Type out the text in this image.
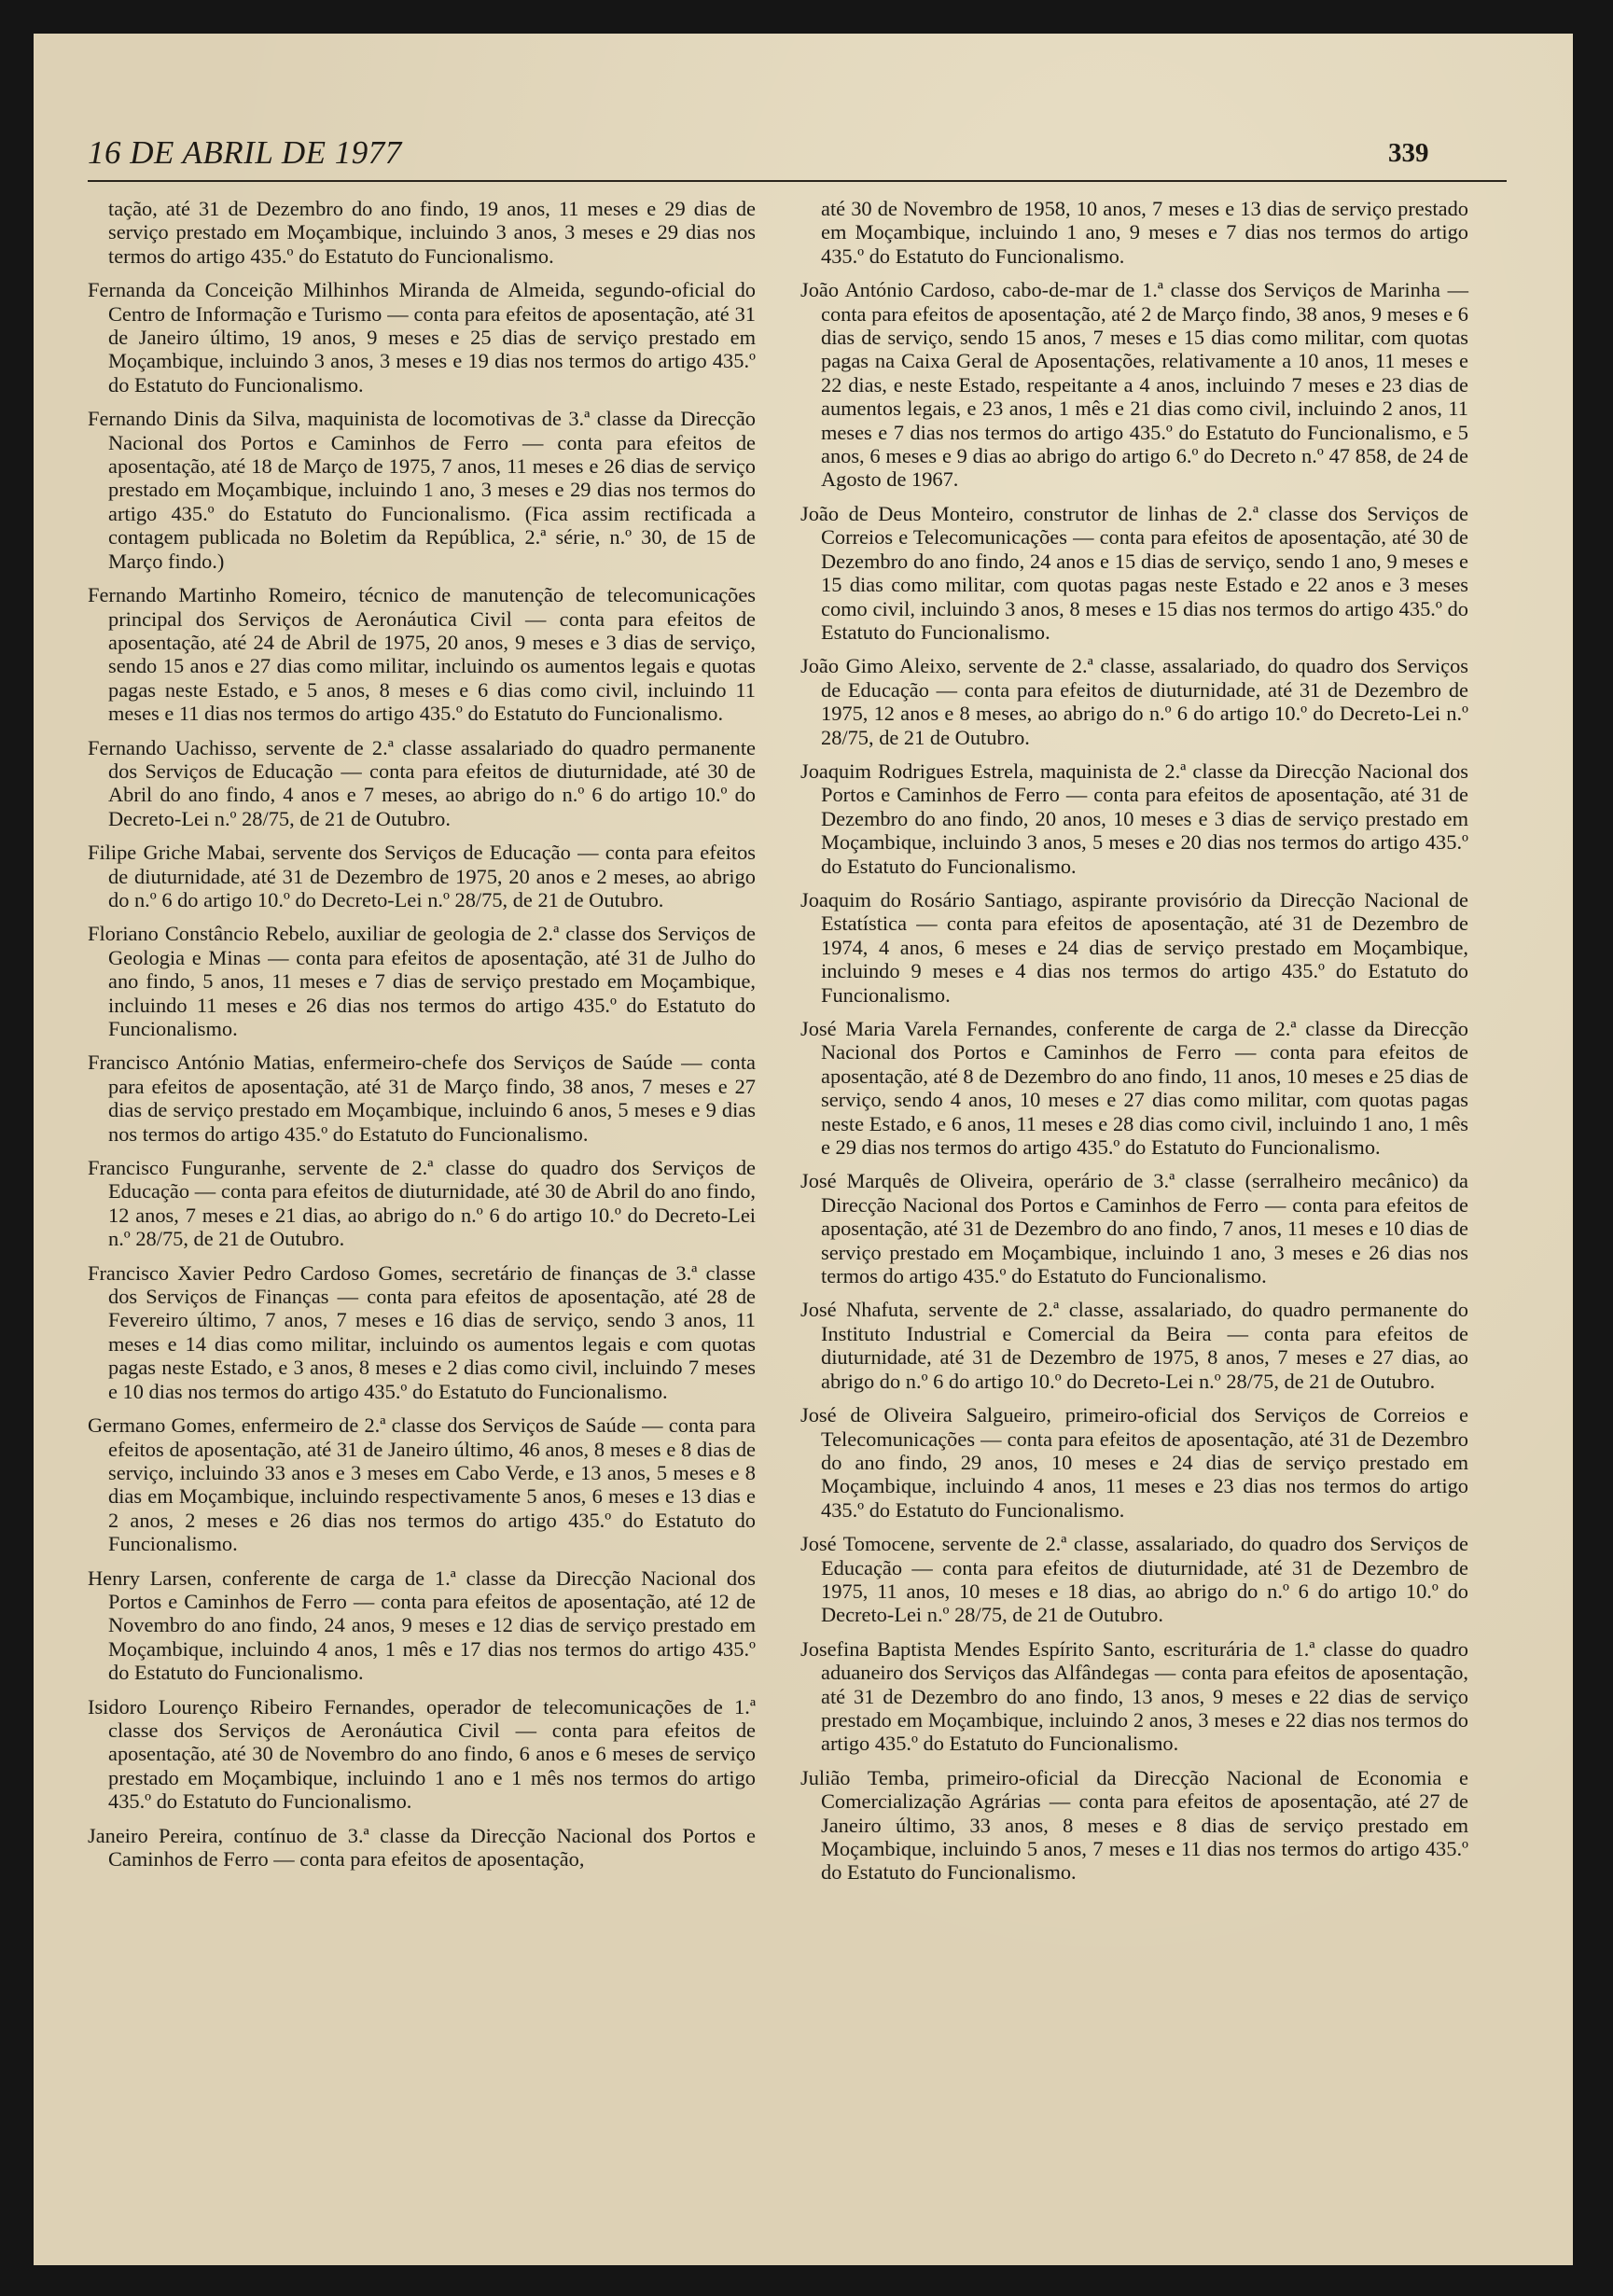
16 DE ABRIL DE 1977	339

tação, até 31 de Dezembro do ano findo, 19 anos, 11 meses e 29 dias de serviço prestado em Moçambique, incluindo 3 anos, 3 meses e 29 dias nos termos do artigo 435.º do Estatuto do Funcionalismo.

Fernanda da Conceição Milhinhos Miranda de Almeida, segundo-oficial do Centro de Informação e Turismo — conta para efeitos de aposentação, até 31 de Janeiro último, 19 anos, 9 meses e 25 dias de serviço prestado em Moçambique, incluindo 3 anos, 3 meses e 19 dias nos termos do artigo 435.º do Estatuto do Funcionalismo.

Fernando Dinis da Silva, maquinista de locomotivas de 3.ª classe da Direcção Nacional dos Portos e Caminhos de Ferro — conta para efeitos de aposentação, até 18 de Março de 1975, 7 anos, 11 meses e 26 dias de serviço prestado em Moçambique, incluindo 1 ano, 3 meses e 29 dias nos termos do artigo 435.º do Estatuto do Funcionalismo. (Fica assim rectificada a contagem publicada no Boletim da República, 2.ª série, n.º 30, de 15 de Março findo.)

Fernando Martinho Romeiro, técnico de manutenção de telecomunicações principal dos Serviços de Aeronáutica Civil — conta para efeitos de aposentação, até 24 de Abril de 1975, 20 anos, 9 meses e 3 dias de serviço, sendo 15 anos e 27 dias como militar, incluindo os aumentos legais e quotas pagas neste Estado, e 5 anos, 8 meses e 6 dias como civil, incluindo 11 meses e 11 dias nos termos do artigo 435.º do Estatuto do Funcionalismo.

Fernando Uachisso, servente de 2.ª classe assalariado do quadro permanente dos Serviços de Educação — conta para efeitos de diuturnidade, até 30 de Abril do ano findo, 4 anos e 7 meses, ao abrigo do n.º 6 do artigo 10.º do Decreto-Lei n.º 28/75, de 21 de Outubro.

Filipe Griche Mabai, servente dos Serviços de Educação — conta para efeitos de diuturnidade, até 31 de Dezembro de 1975, 20 anos e 2 meses, ao abrigo do n.º 6 do artigo 10.º do Decreto-Lei n.º 28/75, de 21 de Outubro.

Floriano Constâncio Rebelo, auxiliar de geologia de 2.ª classe dos Serviços de Geologia e Minas — conta para efeitos de aposentação, até 31 de Julho do ano findo, 5 anos, 11 meses e 7 dias de serviço prestado em Moçambique, incluindo 11 meses e 26 dias nos termos do artigo 435.º do Estatuto do Funcionalismo.

Francisco António Matias, enfermeiro-chefe dos Serviços de Saúde — conta para efeitos de aposentação, até 31 de Março findo, 38 anos, 7 meses e 27 dias de serviço prestado em Moçambique, incluindo 6 anos, 5 meses e 9 dias nos termos do artigo 435.º do Estatuto do Funcionalismo.

Francisco Funguranhe, servente de 2.ª classe do quadro dos Serviços de Educação — conta para efeitos de diuturnidade, até 30 de Abril do ano findo, 12 anos, 7 meses e 21 dias, ao abrigo do n.º 6 do artigo 10.º do Decreto-Lei n.º 28/75, de 21 de Outubro.

Francisco Xavier Pedro Cardoso Gomes, secretário de finanças de 3.ª classe dos Serviços de Finanças — conta para efeitos de aposentação, até 28 de Fevereiro último, 7 anos, 7 meses e 16 dias de serviço, sendo 3 anos, 11 meses e 14 dias como militar, incluindo os aumentos legais e com quotas pagas neste Estado, e 3 anos, 8 meses e 2 dias como civil, incluindo 7 meses e 10 dias nos termos do artigo 435.º do Estatuto do Funcionalismo.

Germano Gomes, enfermeiro de 2.ª classe dos Serviços de Saúde — conta para efeitos de aposentação, até 31 de Janeiro último, 46 anos, 8 meses e 8 dias de serviço, incluindo 33 anos e 3 meses em Cabo Verde, e 13 anos, 5 meses e 8 dias em Moçambique, incluindo respectivamente 5 anos, 6 meses e 13 dias e 2 anos, 2 meses e 26 dias nos termos do artigo 435.º do Estatuto do Funcionalismo.

Henry Larsen, conferente de carga de 1.ª classe da Direcção Nacional dos Portos e Caminhos de Ferro — conta para efeitos de aposentação, até 12 de Novembro do ano findo, 24 anos, 9 meses e 12 dias de serviço prestado em Moçambique, incluindo 4 anos, 1 mês e 17 dias nos termos do artigo 435.º do Estatuto do Funcionalismo.

Isidoro Lourenço Ribeiro Fernandes, operador de telecomunicações de 1.ª classe dos Serviços de Aeronáutica Civil — conta para efeitos de aposentação, até 30 de Novembro do ano findo, 6 anos e 6 meses de serviço prestado em Moçambique, incluindo 1 ano e 1 mês nos termos do artigo 435.º do Estatuto do Funcionalismo.

Janeiro Pereira, contínuo de 3.ª classe da Direcção Nacional dos Portos e Caminhos de Ferro — conta para efeitos de aposentação,

até 30 de Novembro de 1958, 10 anos, 7 meses e 13 dias de serviço prestado em Moçambique, incluindo 1 ano, 9 meses e 7 dias nos termos do artigo 435.º do Estatuto do Funcionalismo.

João António Cardoso, cabo-de-mar de 1.ª classe dos Serviços de Marinha — conta para efeitos de aposentação, até 2 de Março findo, 38 anos, 9 meses e 6 dias de serviço, sendo 15 anos, 7 meses e 15 dias como militar, com quotas pagas na Caixa Geral de Aposentações, relativamente a 10 anos, 11 meses e 22 dias, e neste Estado, respeitante a 4 anos, incluindo 7 meses e 23 dias de aumentos legais, e 23 anos, 1 mês e 21 dias como civil, incluindo 2 anos, 11 meses e 7 dias nos termos do artigo 435.º do Estatuto do Funcionalismo, e 5 anos, 6 meses e 9 dias ao abrigo do artigo 6.º do Decreto n.º 47 858, de 24 de Agosto de 1967.

João de Deus Monteiro, construtor de linhas de 2.ª classe dos Serviços de Correios e Telecomunicações — conta para efeitos de aposentação, até 30 de Dezembro do ano findo, 24 anos e 15 dias de serviço, sendo 1 ano, 9 meses e 15 dias como militar, com quotas pagas neste Estado e 22 anos e 3 meses como civil, incluindo 3 anos, 8 meses e 15 dias nos termos do artigo 435.º do Estatuto do Funcionalismo.

João Gimo Aleixo, servente de 2.ª classe, assalariado, do quadro dos Serviços de Educação — conta para efeitos de diuturnidade, até 31 de Dezembro de 1975, 12 anos e 8 meses, ao abrigo do n.º 6 do artigo 10.º do Decreto-Lei n.º 28/75, de 21 de Outubro.

Joaquim Rodrigues Estrela, maquinista de 2.ª classe da Direcção Nacional dos Portos e Caminhos de Ferro — conta para efeitos de aposentação, até 31 de Dezembro do ano findo, 20 anos, 10 meses e 3 dias de serviço prestado em Moçambique, incluindo 3 anos, 5 meses e 20 dias nos termos do artigo 435.º do Estatuto do Funcionalismo.

Joaquim do Rosário Santiago, aspirante provisório da Direcção Nacional de Estatística — conta para efeitos de aposentação, até 31 de Dezembro de 1974, 4 anos, 6 meses e 24 dias de serviço prestado em Moçambique, incluindo 9 meses e 4 dias nos termos do artigo 435.º do Estatuto do Funcionalismo.

José Maria Varela Fernandes, conferente de carga de 2.ª classe da Direcção Nacional dos Portos e Caminhos de Ferro — conta para efeitos de aposentação, até 8 de Dezembro do ano findo, 11 anos, 10 meses e 25 dias de serviço, sendo 4 anos, 10 meses e 27 dias como militar, com quotas pagas neste Estado, e 6 anos, 11 meses e 28 dias como civil, incluindo 1 ano, 1 mês e 29 dias nos termos do artigo 435.º do Estatuto do Funcionalismo.

José Marquês de Oliveira, operário de 3.ª classe (serralheiro mecânico) da Direcção Nacional dos Portos e Caminhos de Ferro — conta para efeitos de aposentação, até 31 de Dezembro do ano findo, 7 anos, 11 meses e 10 dias de serviço prestado em Moçambique, incluindo 1 ano, 3 meses e 26 dias nos termos do artigo 435.º do Estatuto do Funcionalismo.

José Nhafuta, servente de 2.ª classe, assalariado, do quadro permanente do Instituto Industrial e Comercial da Beira — conta para efeitos de diuturnidade, até 31 de Dezembro de 1975, 8 anos, 7 meses e 27 dias, ao abrigo do n.º 6 do artigo 10.º do Decreto-Lei n.º 28/75, de 21 de Outubro.

José de Oliveira Salgueiro, primeiro-oficial dos Serviços de Correios e Telecomunicações — conta para efeitos de aposentação, até 31 de Dezembro do ano findo, 29 anos, 10 meses e 24 dias de serviço prestado em Moçambique, incluindo 4 anos, 11 meses e 23 dias nos termos do artigo 435.º do Estatuto do Funcionalismo.

José Tomocene, servente de 2.ª classe, assalariado, do quadro dos Serviços de Educação — conta para efeitos de diuturnidade, até 31 de Dezembro de 1975, 11 anos, 10 meses e 18 dias, ao abrigo do n.º 6 do artigo 10.º do Decreto-Lei n.º 28/75, de 21 de Outubro.

Josefina Baptista Mendes Espírito Santo, escriturária de 1.ª classe do quadro aduaneiro dos Serviços das Alfândegas — conta para efeitos de aposentação, até 31 de Dezembro do ano findo, 13 anos, 9 meses e 22 dias de serviço prestado em Moçambique, incluindo 2 anos, 3 meses e 22 dias nos termos do artigo 435.º do Estatuto do Funcionalismo.

Julião Temba, primeiro-oficial da Direcção Nacional de Economia e Comercialização Agrárias — conta para efeitos de aposentação, até 27 de Janeiro último, 33 anos, 8 meses e 8 dias de serviço prestado em Moçambique, incluindo 5 anos, 7 meses e 11 dias nos termos do artigo 435.º do Estatuto do Funcionalismo.
